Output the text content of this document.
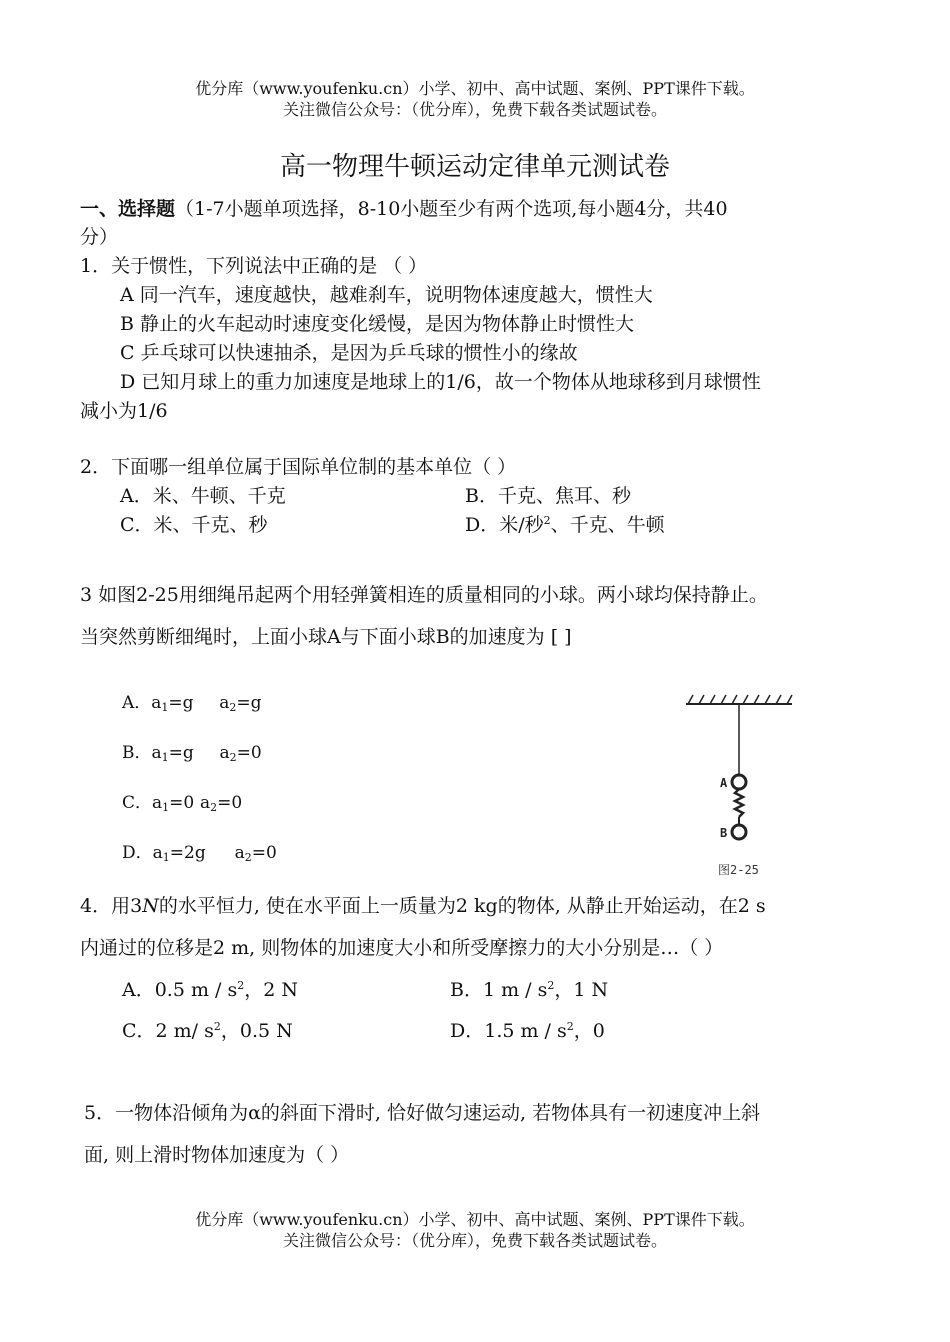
优分库（www.youfenku.cn）小学、初中、高中试题、案例、PPT课件下载。
关注微信公众号：（优分库），免费下载各类试题试卷。
高一物理牛顿运动定律单元测试卷
一、选择题（1-7小题单项选择，8-10小题至少有两个选项,每小题4分，共40
分）
1．关于惯性，下列说法中正确的是 （ ）
A 同一汽车，速度越快，越难刹车，说明物体速度越大，惯性大
B 静止的火车起动时速度变化缓慢，是因为物体静止时惯性大
C 乒乓球可以快速抽杀，是因为乒乓球的惯性小的缘故
D 已知月球上的重力加速度是地球上的1/6，故一个物体从地球移到月球惯性
减小为1/6
2．下面哪一组单位属于国际单位制的基本单位（ ）
A．米、牛顿、千克	B．千克、焦耳、秒
C．米、千克、秒	D．米/秒$^2$、千克、牛顿
3 如图2-25用细绳吊起两个用轻弹簧相连的质量相同的小球。两小球均保持静止。
当突然剪断细绳时，上面小球A与下面小球B的加速度为 [ ]
A．a1=g a2=g
B．a1=g a2=0
C．a1=0 a2=0
D．a1=2g a2=0
A
B
图2-25
4．用3N的水平恒力, 使在水平面上一质量为2 kg的物体, 从静止开始运动，在2 s
内通过的位移是2 m, 则物体的加速度大小和所受摩擦力的大小分别是…（ ）
A．0.5 m / $s^2$，2 N	B．1 m / $s^2$，1 N
C．2 m/ $s^2$，0.5 N	D．1.5 m / $s^2$，0
5．一物体沿倾角为α的斜面下滑时, 恰好做匀速运动, 若物体具有一初速度冲上斜
面, 则上滑时物体加速度为（ ）
优分库（www.youfenku.cn）小学、初中、高中试题、案例、PPT课件下载。
关注微信公众号：（优分库），免费下载各类试题试卷。
